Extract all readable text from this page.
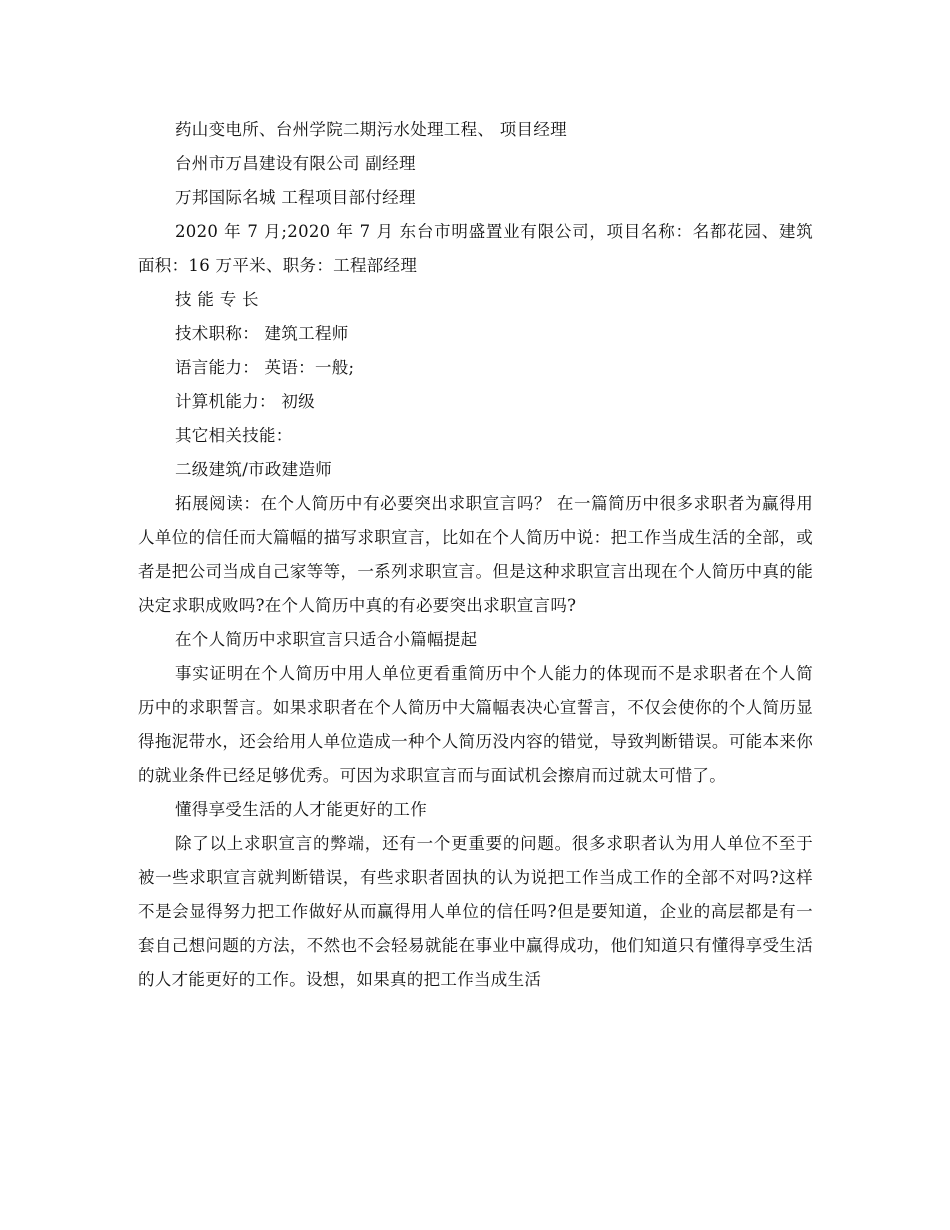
药山变电所、台州学院二期污水处理工程、 项目经理

台州市万昌建设有限公司 副经理

万邦国际名城 工程项目部付经理

2020 年 7 月;2020 年 7 月 东台市明盛置业有限公司，项目名称：名都花园、建筑面积：16 万平米、职务：工程部经理

技 能 专 长

技术职称： 建筑工程师

语言能力： 英语：一般;

计算机能力： 初级

其它相关技能：

二级建筑/市政建造师

拓展阅读：在个人简历中有必要突出求职宣言吗？ 在一篇简历中很多求职者为赢得用人单位的信任而大篇幅的描写求职宣言，比如在个人简历中说：把工作当成生活的全部，或者是把公司当成自己家等等，一系列求职宣言。但是这种求职宣言出现在个人简历中真的能决定求职成败吗?在个人简历中真的有必要突出求职宣言吗?

在个人简历中求职宣言只适合小篇幅提起

事实证明在个人简历中用人单位更看重简历中个人能力的体现而不是求职者在个人简历中的求职誓言。如果求职者在个人简历中大篇幅表决心宣誓言，不仅会使你的个人简历显得拖泥带水，还会给用人单位造成一种个人简历没内容的错觉，导致判断错误。可能本来你的就业条件已经足够优秀。可因为求职宣言而与面试机会擦肩而过就太可惜了。

懂得享受生活的人才能更好的工作

除了以上求职宣言的弊端，还有一个更重要的问题。很多求职者认为用人单位不至于被一些求职宣言就判断错误，有些求职者固执的认为说把工作当成工作的全部不对吗?这样不是会显得努力把工作做好从而赢得用人单位的信任吗?但是要知道，企业的高层都是有一套自己想问题的方法，不然也不会轻易就能在事业中赢得成功，他们知道只有懂得享受生活的人才能更好的工作。设想，如果真的把工作当成生活
